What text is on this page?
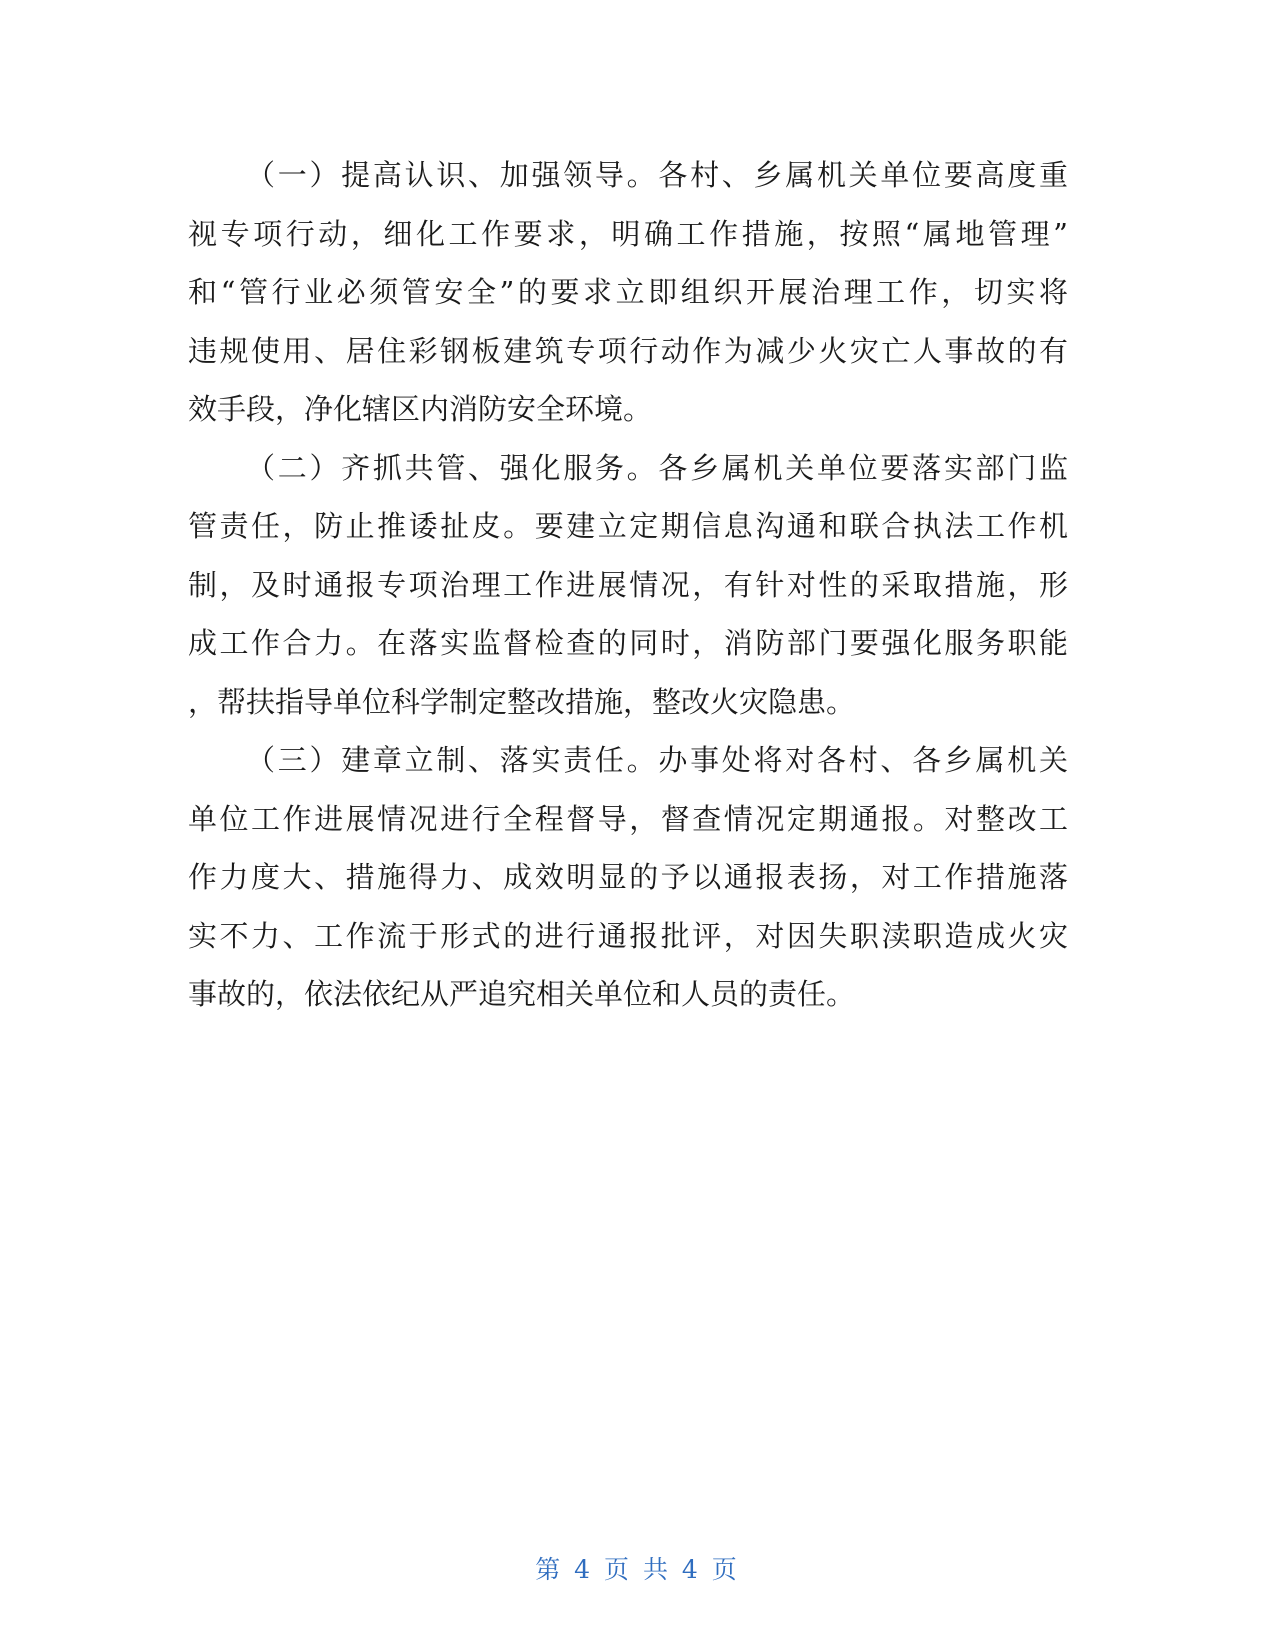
（一）提高认识、加强领导。各村、乡属机关单位要高度重
视专项行动，细化工作要求，明确工作措施，按照“属地管理”
和“管行业必须管安全”的要求立即组织开展治理工作，切实将
违规使用、居住彩钢板建筑专项行动作为减少火灾亡人事故的有
效手段，净化辖区内消防安全环境。
（二）齐抓共管、强化服务。各乡属机关单位要落实部门监
管责任，防止推诿扯皮。要建立定期信息沟通和联合执法工作机
制，及时通报专项治理工作进展情况，有针对性的采取措施，形
成工作合力。在落实监督检查的同时，消防部门要强化服务职能
，帮扶指导单位科学制定整改措施，整改火灾隐患。
（三）建章立制、落实责任。办事处将对各村、各乡属机关
单位工作进展情况进行全程督导，督查情况定期通报。对整改工
作力度大、措施得力、成效明显的予以通报表扬，对工作措施落
实不力、工作流于形式的进行通报批评，对因失职渎职造成火灾
事故的，依法依纪从严追究相关单位和人员的责任。
第 4 页 共 4 页
